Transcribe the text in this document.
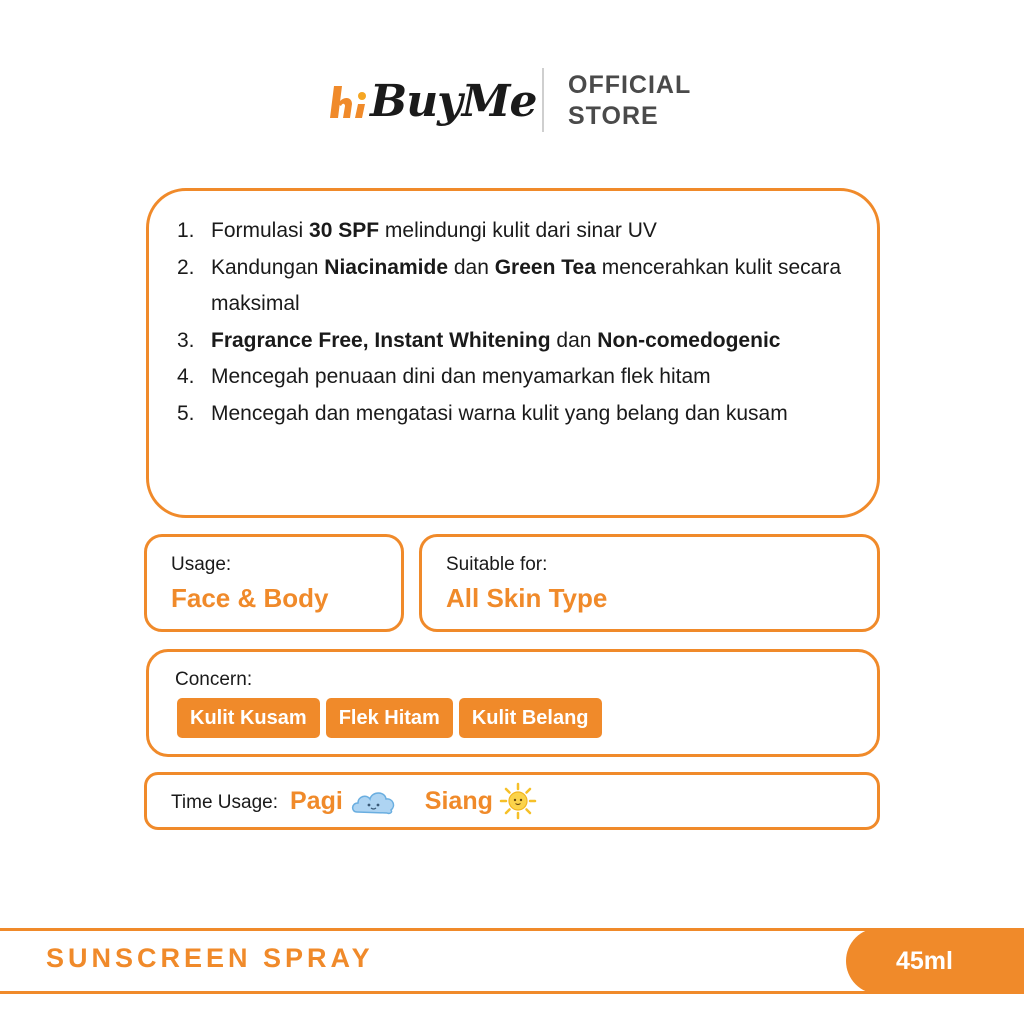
BuyMe OFFICIAL
STORE
1. Formulasi 30 SPF melindungi kulit dari sinar UV
2. Kandungan Niacinamide dan Green Tea mencerahkan kulit secara maksimal
3. Fragrance Free, Instant Whitening dan Non-comedogenic
4. Mencegah penuaan dini dan menyamarkan flek hitam
5. Mencegah dan mengatasi warna kulit yang belang dan kusam
Usage:
Face & Body
Suitable for:
All Skin Type
Concern:
Kulit Kusam	Flek Hitam	Kulit Belang
Time Usage: Pagi	Siang
SUNSCREEN SPRAY	45ml
